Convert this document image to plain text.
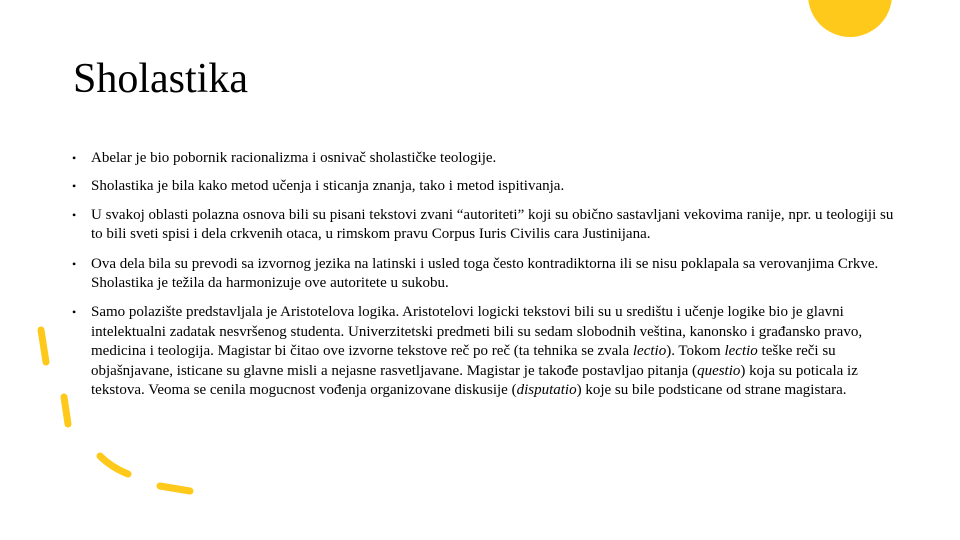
Sholastika
• Abelar je bio pobornik racionalizma i osnivač sholastičke teologije.
• Sholastika je bila kako metod učenja i sticanja znanja, tako i metod ispitivanja.
• U svakoj oblasti polazna osnova bili su pisani tekstovi zvani “autoriteti” koji su obično sastavljani vekovima ranije, npr. u teologiji su to bili sveti spisi i dela crkvenih otaca, u rimskom pravu Corpus Iuris Civilis cara Justinijana.
• Ova dela bila su prevodi sa izvornog jezika na latinski i usled toga često kontradiktorna ili se nisu poklapala sa verovanjima Crkve. Sholastika je težila da harmonizuje ove autoritete u sukobu.
• Samo polazište predstavljala je Aristotelova logika. Aristotelovi logicki tekstovi bili su u središtu i učenje logike bio je glavni intelektualni zadatak nesvršenog studenta. Univerzitetski predmeti bili su sedam slobodnih veština, kanonsko i građansko pravo, medicina i teologija. Magistar bi čitao ove izvorne tekstove reč po reč (ta tehnika se zvala lectio). Tokom lectio teške reči su objašnjavane, isticane su glavne misli a nejasne rasvetljavane. Magistar je takođe postavljao pitanja (questio) koja su poticala iz tekstova. Veoma se cenila mogucnost vođenja organizovane diskusije (disputatio) koje su bile podsticane od strane magistara.
